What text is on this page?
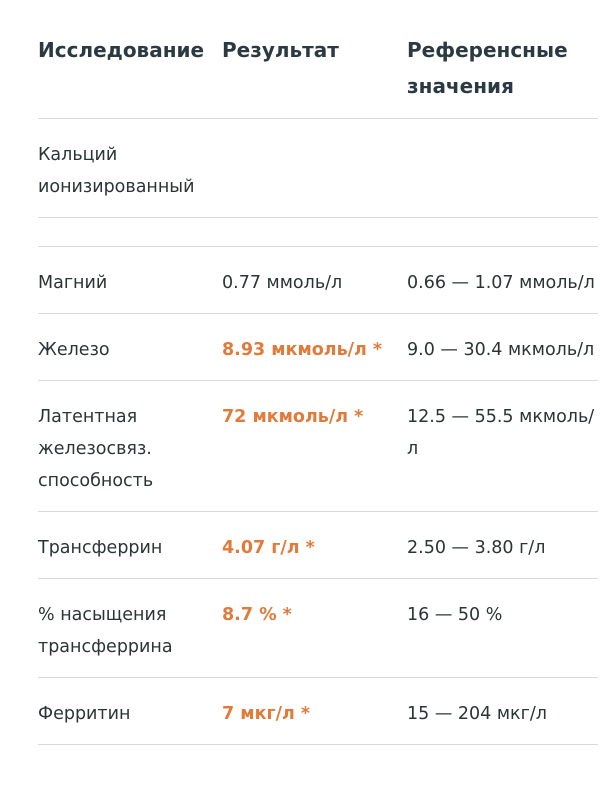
Исследование	Результат	Референсные значения
Кальций ионизированный		

Магний	0.77 ммоль/л	0.66 — 1.07 ммоль/л
Железо	8.93 мкмоль/л *	9.0 — 30.4 мкмоль/л
Латентная железосвяз. способность	72 мкмоль/л *	12.5 — 55.5 мкмоль/л
Трансферрин	4.07 г/л *	2.50 — 3.80 г/л
% насыщения трансферрина	8.7 % *	16 — 50 %
Ферритин	7 мкг/л *	15 — 204 мкг/л
